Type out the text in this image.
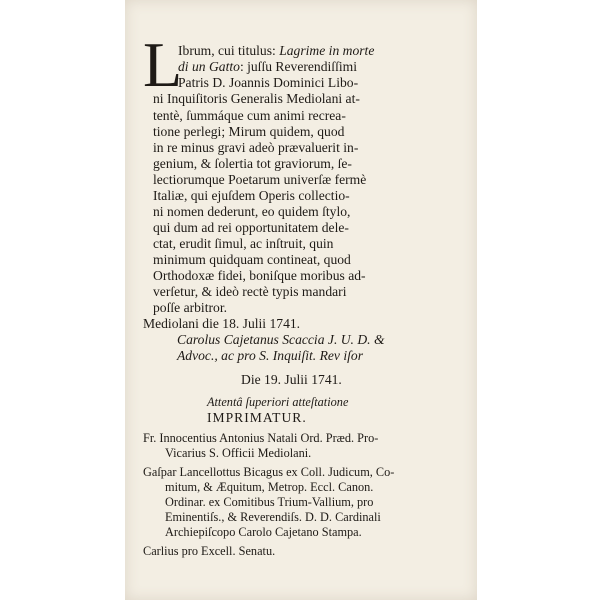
L
Ibrum, cui titulus: Lagrime in morte
di un Gatto: juſſu Reverendiſſimi
Patris D. Joannis Dominici Libo-
ni Inquiſitoris Generalis Mediolani at-
tentè, ſummáque cum animi recrea-
tione perlegi; Mirum quidem, quod
in re minus gravi adeò prævaluerit in-
genium, & ſolertia tot graviorum, ſe-
lectiorumque Poetarum univerſæ fermè
Italiæ, qui ejuſdem Operis collectio-
ni nomen dederunt, eo quidem ſtylo,
qui dum ad rei opportunitatem dele-
ctat, erudit ſimul, ac inſtruit, quin
minimum quidquam contineat, quod
Orthodoxæ fidei, boniſque moribus ad-
verſetur, & ideò rectè typis mandari
poſſe arbitror.
Mediolani die 18. Julii 1741.
Carolus Cajetanus Scaccia J. U. D. &
Advoc., ac pro S. Inquiſit. Rev iſor
Die 19. Julii 1741.
Attentâ ſuperiori atteſtatione
IMPRIMATUR.
Fr. Innocentius Antonius Natali Ord. Præd. Pro-
Vicarius S. Officii Mediolani.
Gaſpar Lancellottus Bicagus ex Coll. Judicum, Co-
mitum, & Æquitum, Metrop. Eccl. Canon.
Ordinar. ex Comitibus Trium-Vallium, pro
Eminentiſs., & Reverendiſs. D. D. Cardinali
Archiepiſcopo Carolo Cajetano Stampa.
Carlius pro Excell. Senatu.
